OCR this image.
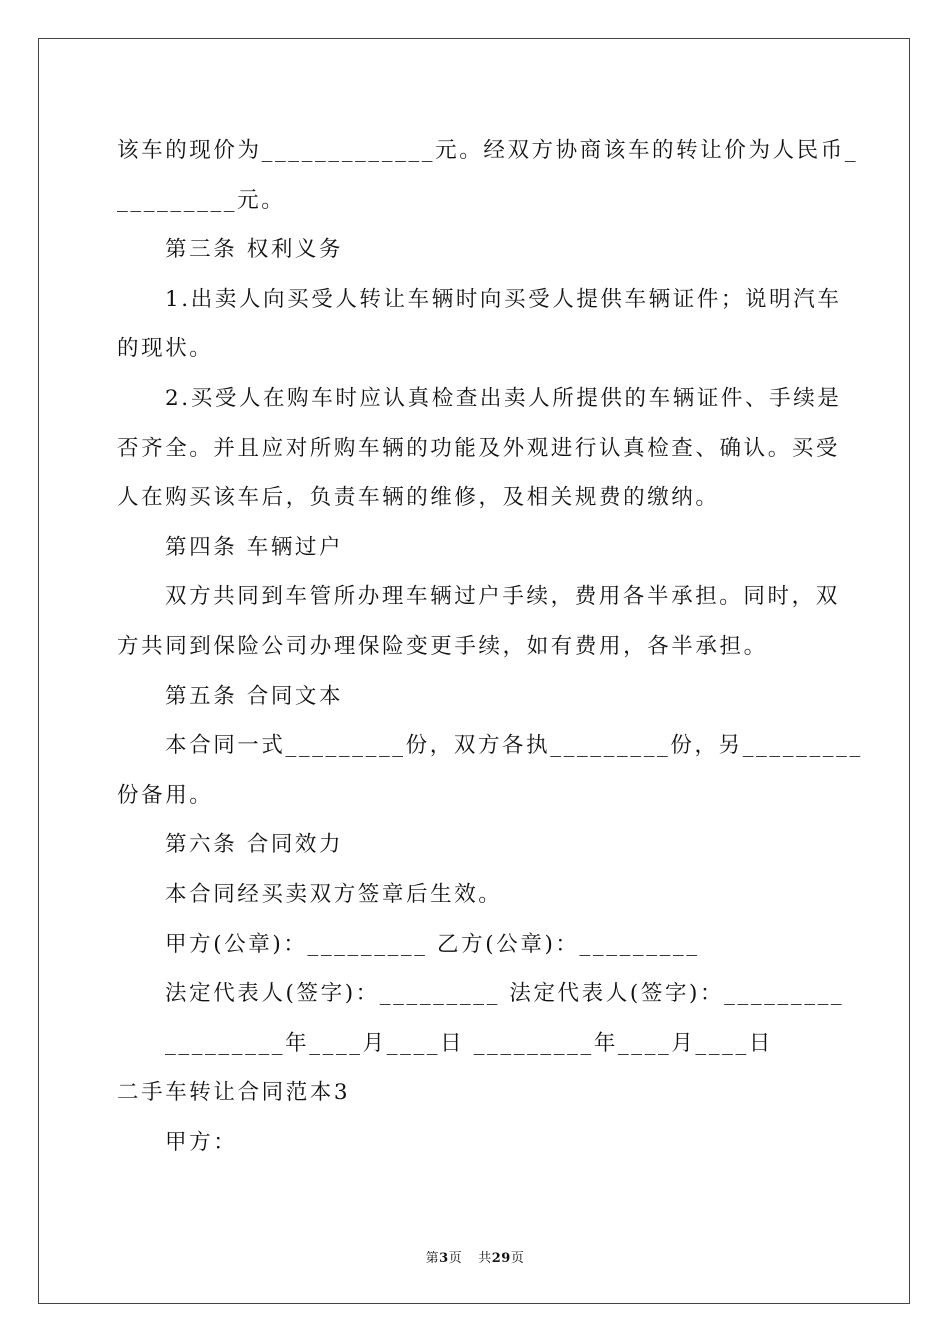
该车的现价为_____________元。经双方协商该车的转让价为人民币_
_________元。
第三条 权利义务
1.出卖人向买受人转让车辆时向买受人提供车辆证件；说明汽车
的现状。
2.买受人在购车时应认真检查出卖人所提供的车辆证件、手续是
否齐全。并且应对所购车辆的功能及外观进行认真检查、确认。买受
人在购买该车后，负责车辆的维修，及相关规费的缴纳。
第四条 车辆过户
双方共同到车管所办理车辆过户手续，费用各半承担。同时，双
方共同到保险公司办理保险变更手续，如有费用，各半承担。
第五条 合同文本
本合同一式_________份，双方各执_________份，另_________
份备用。
第六条 合同效力
本合同经买卖双方签章后生效。
甲方(公章)：_________ 乙方(公章)：_________
法定代表人(签字)：_________ 法定代表人(签字)：_________
_________年____月____日 _________年____月____日
二手车转让合同范本3
甲方：
第3页 共29页
